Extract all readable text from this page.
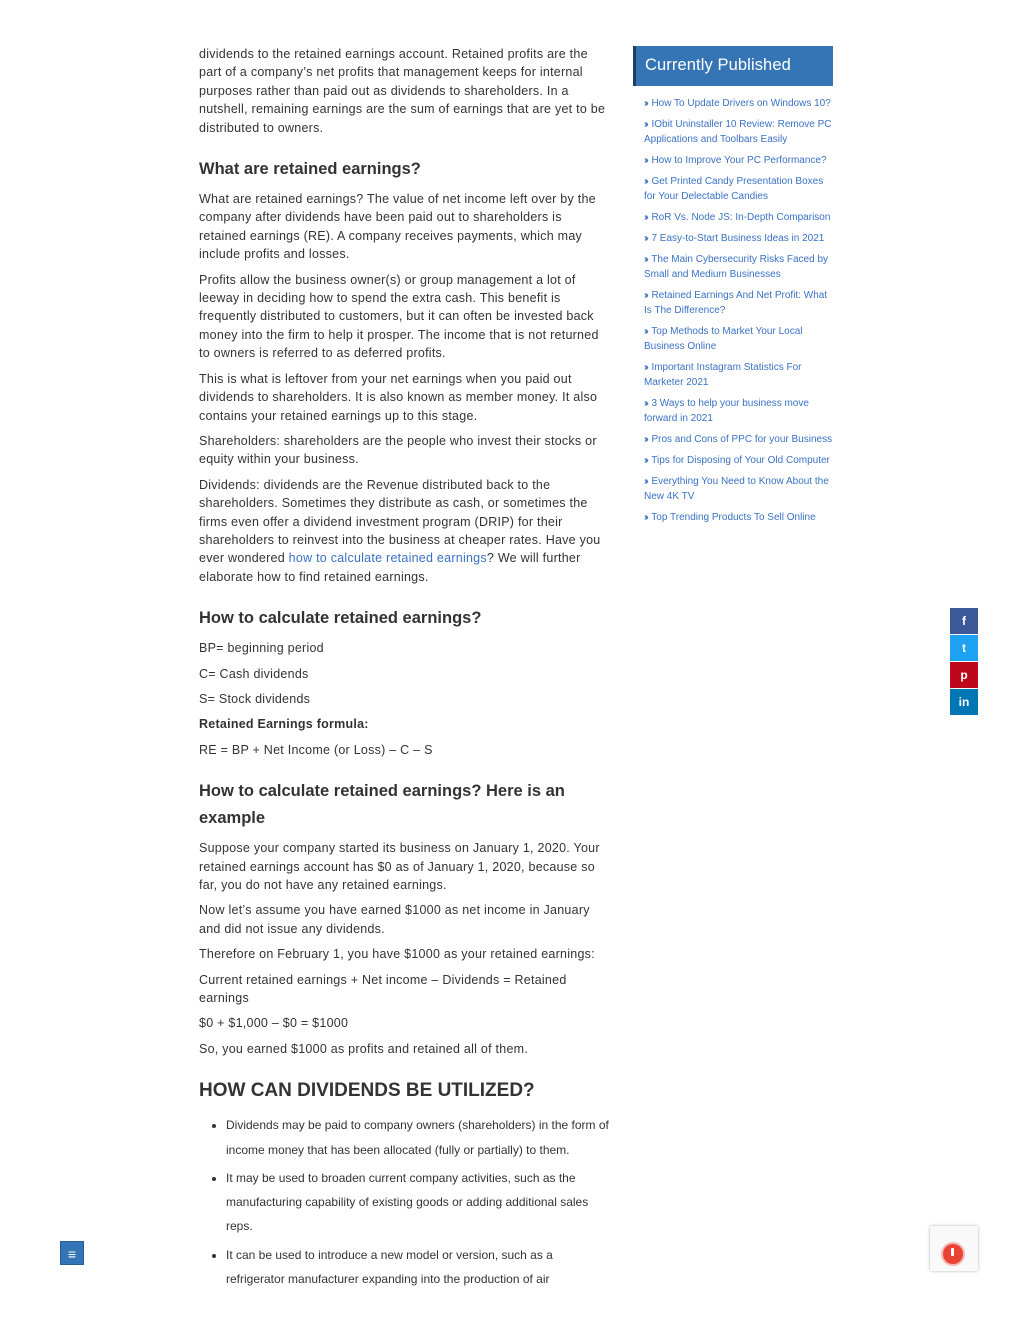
dividends to the retained earnings account. Retained profits are the part of a company’s net profits that management keeps for internal purposes rather than paid out as dividends to shareholders. In a nutshell, remaining earnings are the sum of earnings that are yet to be distributed to owners.

What are retained earnings?

What are retained earnings? The value of net income left over by the company after dividends have been paid out to shareholders is retained earnings (RE). A company receives payments, which may include profits and losses.

Profits allow the business owner(s) or group management a lot of leeway in deciding how to spend the extra cash. This benefit is frequently distributed to customers, but it can often be invested back money into the firm to help it prosper. The income that is not returned to owners is referred to as deferred profits.

This is what is leftover from your net earnings when you paid out dividends to shareholders. It is also known as member money. It also contains your retained earnings up to this stage.

Shareholders: shareholders are the people who invest their stocks or equity within your business.

Dividends: dividends are the Revenue distributed back to the shareholders. Sometimes they distribute as cash, or sometimes the firms even offer a dividend investment program (DRIP) for their shareholders to reinvest into the business at cheaper rates. Have you ever wondered how to calculate retained earnings? We will further elaborate how to find retained earnings.

How to calculate retained earnings?

BP= beginning period

C= Cash dividends

S= Stock dividends

Retained Earnings formula:

RE = BP + Net Income (or Loss) – C – S

How to calculate retained earnings? Here is an example

Suppose your company started its business on January 1, 2020. Your retained earnings account has $0 as of January 1, 2020, because so far, you do not have any retained earnings.

Now let’s assume you have earned $1000 as net income in January and did not issue any dividends.

Therefore on February 1, you have $1000 as your retained earnings:

Current retained earnings + Net income – Dividends = Retained earnings

$0 + $1,000 – $0 = $1000

So, you earned $1000 as profits and retained all of them.

HOW CAN DIVIDENDS BE UTILIZED?
• Dividends may be paid to company owners (shareholders) in the form of income money that has been allocated (fully or partially) to them.
• It may be used to broaden current company activities, such as the manufacturing capability of existing goods or adding additional sales reps.
• It can be used to introduce a new model or version, such as a refrigerator manufacturer expanding into the production of air
Currently Published
›› How To Update Drivers on Windows 10?
›› IObit Uninstaller 10 Review: Remove PC Applications and Toolbars Easily
›› How to Improve Your PC Performance?
›› Get Printed Candy Presentation Boxes for Your Delectable Candies
›› RoR Vs. Node JS: In-Depth Comparison
›› 7 Easy-to-Start Business Ideas in 2021
›› The Main Cybersecurity Risks Faced by Small and Medium Businesses
›› Retained Earnings And Net Profit: What Is The Difference?
›› Top Methods to Market Your Local Business Online
›› Important Instagram Statistics For Marketer 2021
›› 3 Ways to help your business move forward in 2021
›› Pros and Cons of PPC for your Business
›› Tips for Disposing of Your Old Computer
›› Everything You Need to Know About the New 4K TV
›› Top Trending Products To Sell Online
f
t
p
in
≡
